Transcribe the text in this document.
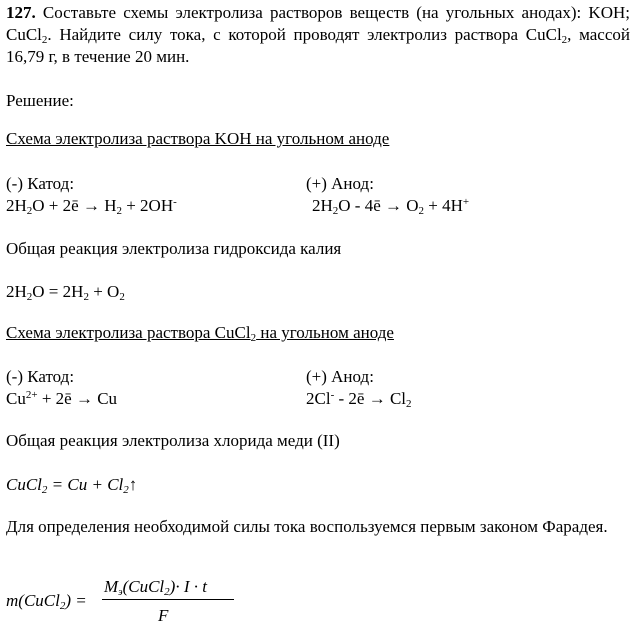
127. Составьте схемы электролиза растворов веществ (на угольных анодах): KOH; CuCl$_2$. Найдите силу тока, с которой проводят электролиз раствора CuCl$_2$, массой 16,79 г, в течение 20 мин.

Решение:
Схема электролиза раствора KOH на угольном аноде
(-) Катод:	(+) Анод:
$2H_2O$ + 2ē → $H_2 + 2OH^-$	$2H_2O$ - 4ē → $O_2 + 4H^+$
Общая реакция электролиза гидроксида калия
$2H_2O = 2H_2 + O_2$
Схема электролиза раствора CuCl$_2$ на угольном аноде
(-) Катод:	(+) Анод:
$Cu^{2+}$ + 2ē → Cu	2Cl- - 2ē → $Cl_2$
Общая реакция электролиза хлорида меди (II)
CuCl$_2$ = $Cu + Cl_2↑$

Для определения необходимой силы тока воспользуемся первым законом Фарадея.

m(CuCl$_2$) =
$M_э(CuCl_2)\cdot I \cdot t$
F
